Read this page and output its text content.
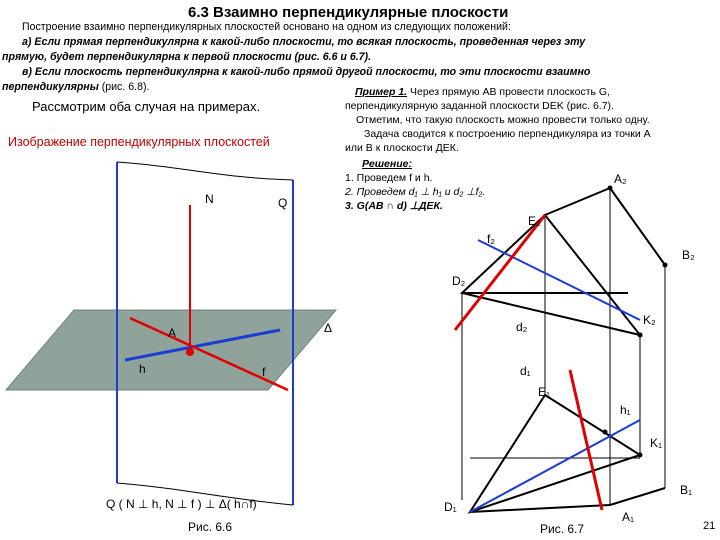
6.3 Взаимно перпендикулярные плоскости
Построение взаимно перпендикулярных плоскостей основано на одном из следующих положений:
а) Если прямая перпендикулярна к какой-либо плоскости, то всякая плоскость, проведенная через эту
прямую, будет перпендикулярна к первой плоскости (рис. 6.6 и 6.7).
в) Если плоскость перпендикулярна к какой-либо прямой другой плоскости, то эти плоскости взаимно
перпендикулярны (рис. 6.8).
Рассмотрим оба случая на примерах.
Изображение перпендикулярных плоскостей
Пример 1. Через прямую АВ провести плоскость G,
перпендикулярную заданной плоскости DEK (рис. 6.7).
Отметим, что такую плоскость можно провести только одну.
Задача сводится к построению перпендикуляра из точки А
или В к плоскости ДЕК.
Решение:
1. Проведем f и h.
2. Проведем d₁ ⊥ h₁ и d₂ ⊥f₂.
3. G(AB ∩ d) ⊥ДЕК.
N	Q
A	Δ
h	f
Q ( N ⊥ h, N ⊥ f ) ⊥ Δ( h∩f)
Рис. 6.6
A₂
B₂
E₂
f₂
D₂
K₂
d₂
d₁
E₁
h₁
K₁
B₁
D₁
A₁
Рис. 6.7	21
